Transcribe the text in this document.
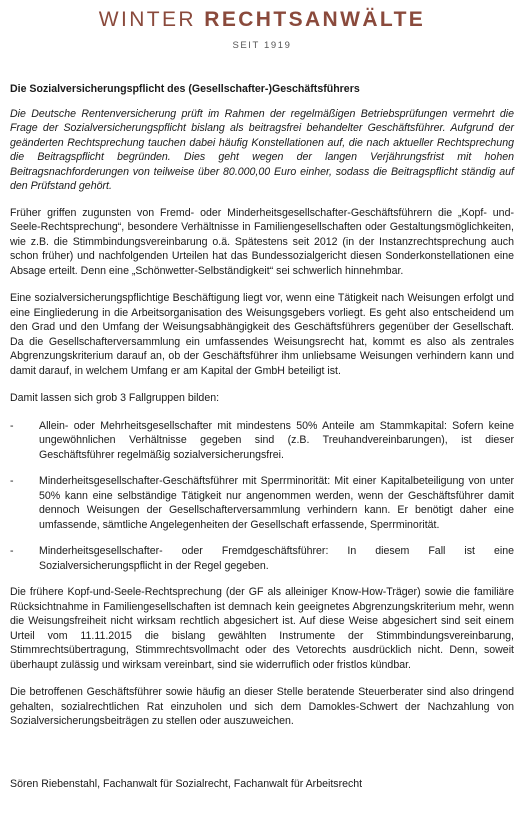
WINTER RECHTSANWÄLTE
SEIT 1919
Die Sozialversicherungspflicht des (Gesellschafter-)Geschäftsführers

Die Deutsche Rentenversicherung prüft im Rahmen der regelmäßigen Betriebsprüfungen vermehrt die Frage der Sozialversicherungspflicht bislang als beitragsfrei behandelter Geschäftsführer. Aufgrund der geänderten Rechtsprechung tauchen dabei häufig Konstellationen auf, die nach aktueller Rechtsprechung die Beitragspflicht begründen. Dies geht wegen der langen Verjährungsfrist mit hohen Beitragsnachforderungen von teilweise über 80.000,00 Euro einher, sodass die Beitragspflicht ständig auf den Prüfstand gehört.

Früher griffen zugunsten von Fremd- oder Minderheitsgesellschafter-Geschäftsführern die „Kopf- und-Seele-Rechtsprechung“, besondere Verhältnisse in Familiengesellschaften oder Gestaltungsmöglichkeiten, wie z.B. die Stimmbindungsvereinbarung o.ä. Spätestens seit 2012 (in der Instanzrechtsprechung auch schon früher) und nachfolgenden Urteilen hat das Bundessozialgericht diesen Sonderkonstellationen eine Absage erteilt. Denn eine „Schönwetter-Selbständigkeit“ sei schwerlich hinnehmbar.

Eine sozialversicherungspflichtige Beschäftigung liegt vor, wenn eine Tätigkeit nach Weisungen erfolgt und eine Eingliederung in die Arbeitsorganisation des Weisungsgebers vorliegt. Es geht also entscheidend um den Grad und den Umfang der Weisungsabhängigkeit des Geschäftsführers gegenüber der Gesellschaft. Da die Gesellschafterversammlung ein umfassendes Weisungsrecht hat, kommt es also als zentrales Abgrenzungskriterium darauf an, ob der Geschäftsführer ihm unliebsame Weisungen verhindern kann und damit darauf, in welchem Umfang er am Kapital der GmbH beteiligt ist.

Damit lassen sich grob 3 Fallgruppen bilden:

- Allein- oder Mehrheitsgesellschafter mit mindestens 50% Anteile am Stammkapital: Sofern keine ungewöhnlichen Verhältnisse gegeben sind (z.B. Treuhandvereinbarungen), ist dieser Geschäftsführer regelmäßig sozialversicherungsfrei.
- Minderheitsgesellschafter-Geschäftsführer mit Sperrminorität: Mit einer Kapitalbeteiligung von unter 50% kann eine selbständige Tätigkeit nur angenommen werden, wenn der Geschäftsführer damit dennoch Weisungen der Gesellschafterversammlung verhindern kann. Er benötigt daher eine umfassende, sämtliche Angelegenheiten der Gesellschaft erfassende, Sperrminorität.
- Minderheitsgesellschafter- oder Fremdgeschäftsführer: In diesem Fall ist eine Sozialversicherungspflicht in der Regel gegeben.

Die frühere Kopf-und-Seele-Rechtsprechung (der GF als alleiniger Know-How-Träger) sowie die familiäre Rücksichtnahme in Familiengesellschaften ist demnach kein geeignetes Abgrenzungskriterium mehr, wenn die Weisungsfreiheit nicht wirksam rechtlich abgesichert ist. Auf diese Weise abgesichert sind seit einem Urteil vom 11.11.2015 die bislang gewählten Instrumente der Stimmbindungsvereinbarung, Stimmrechtsübertragung, Stimmrechtsvollmacht oder des Vetorechts ausdrücklich nicht. Denn, soweit überhaupt zulässig und wirksam vereinbart, sind sie widerruflich oder fristlos kündbar.

Die betroffenen Geschäftsführer sowie häufig an dieser Stelle beratende Steuerberater sind also dringend gehalten, sozialrechtlichen Rat einzuholen und sich dem Damokles-Schwert der Nachzahlung von Sozialversicherungsbeiträgen zu stellen oder auszuweichen.

Sören Riebenstahl, Fachanwalt für Sozialrecht, Fachanwalt für Arbeitsrecht
